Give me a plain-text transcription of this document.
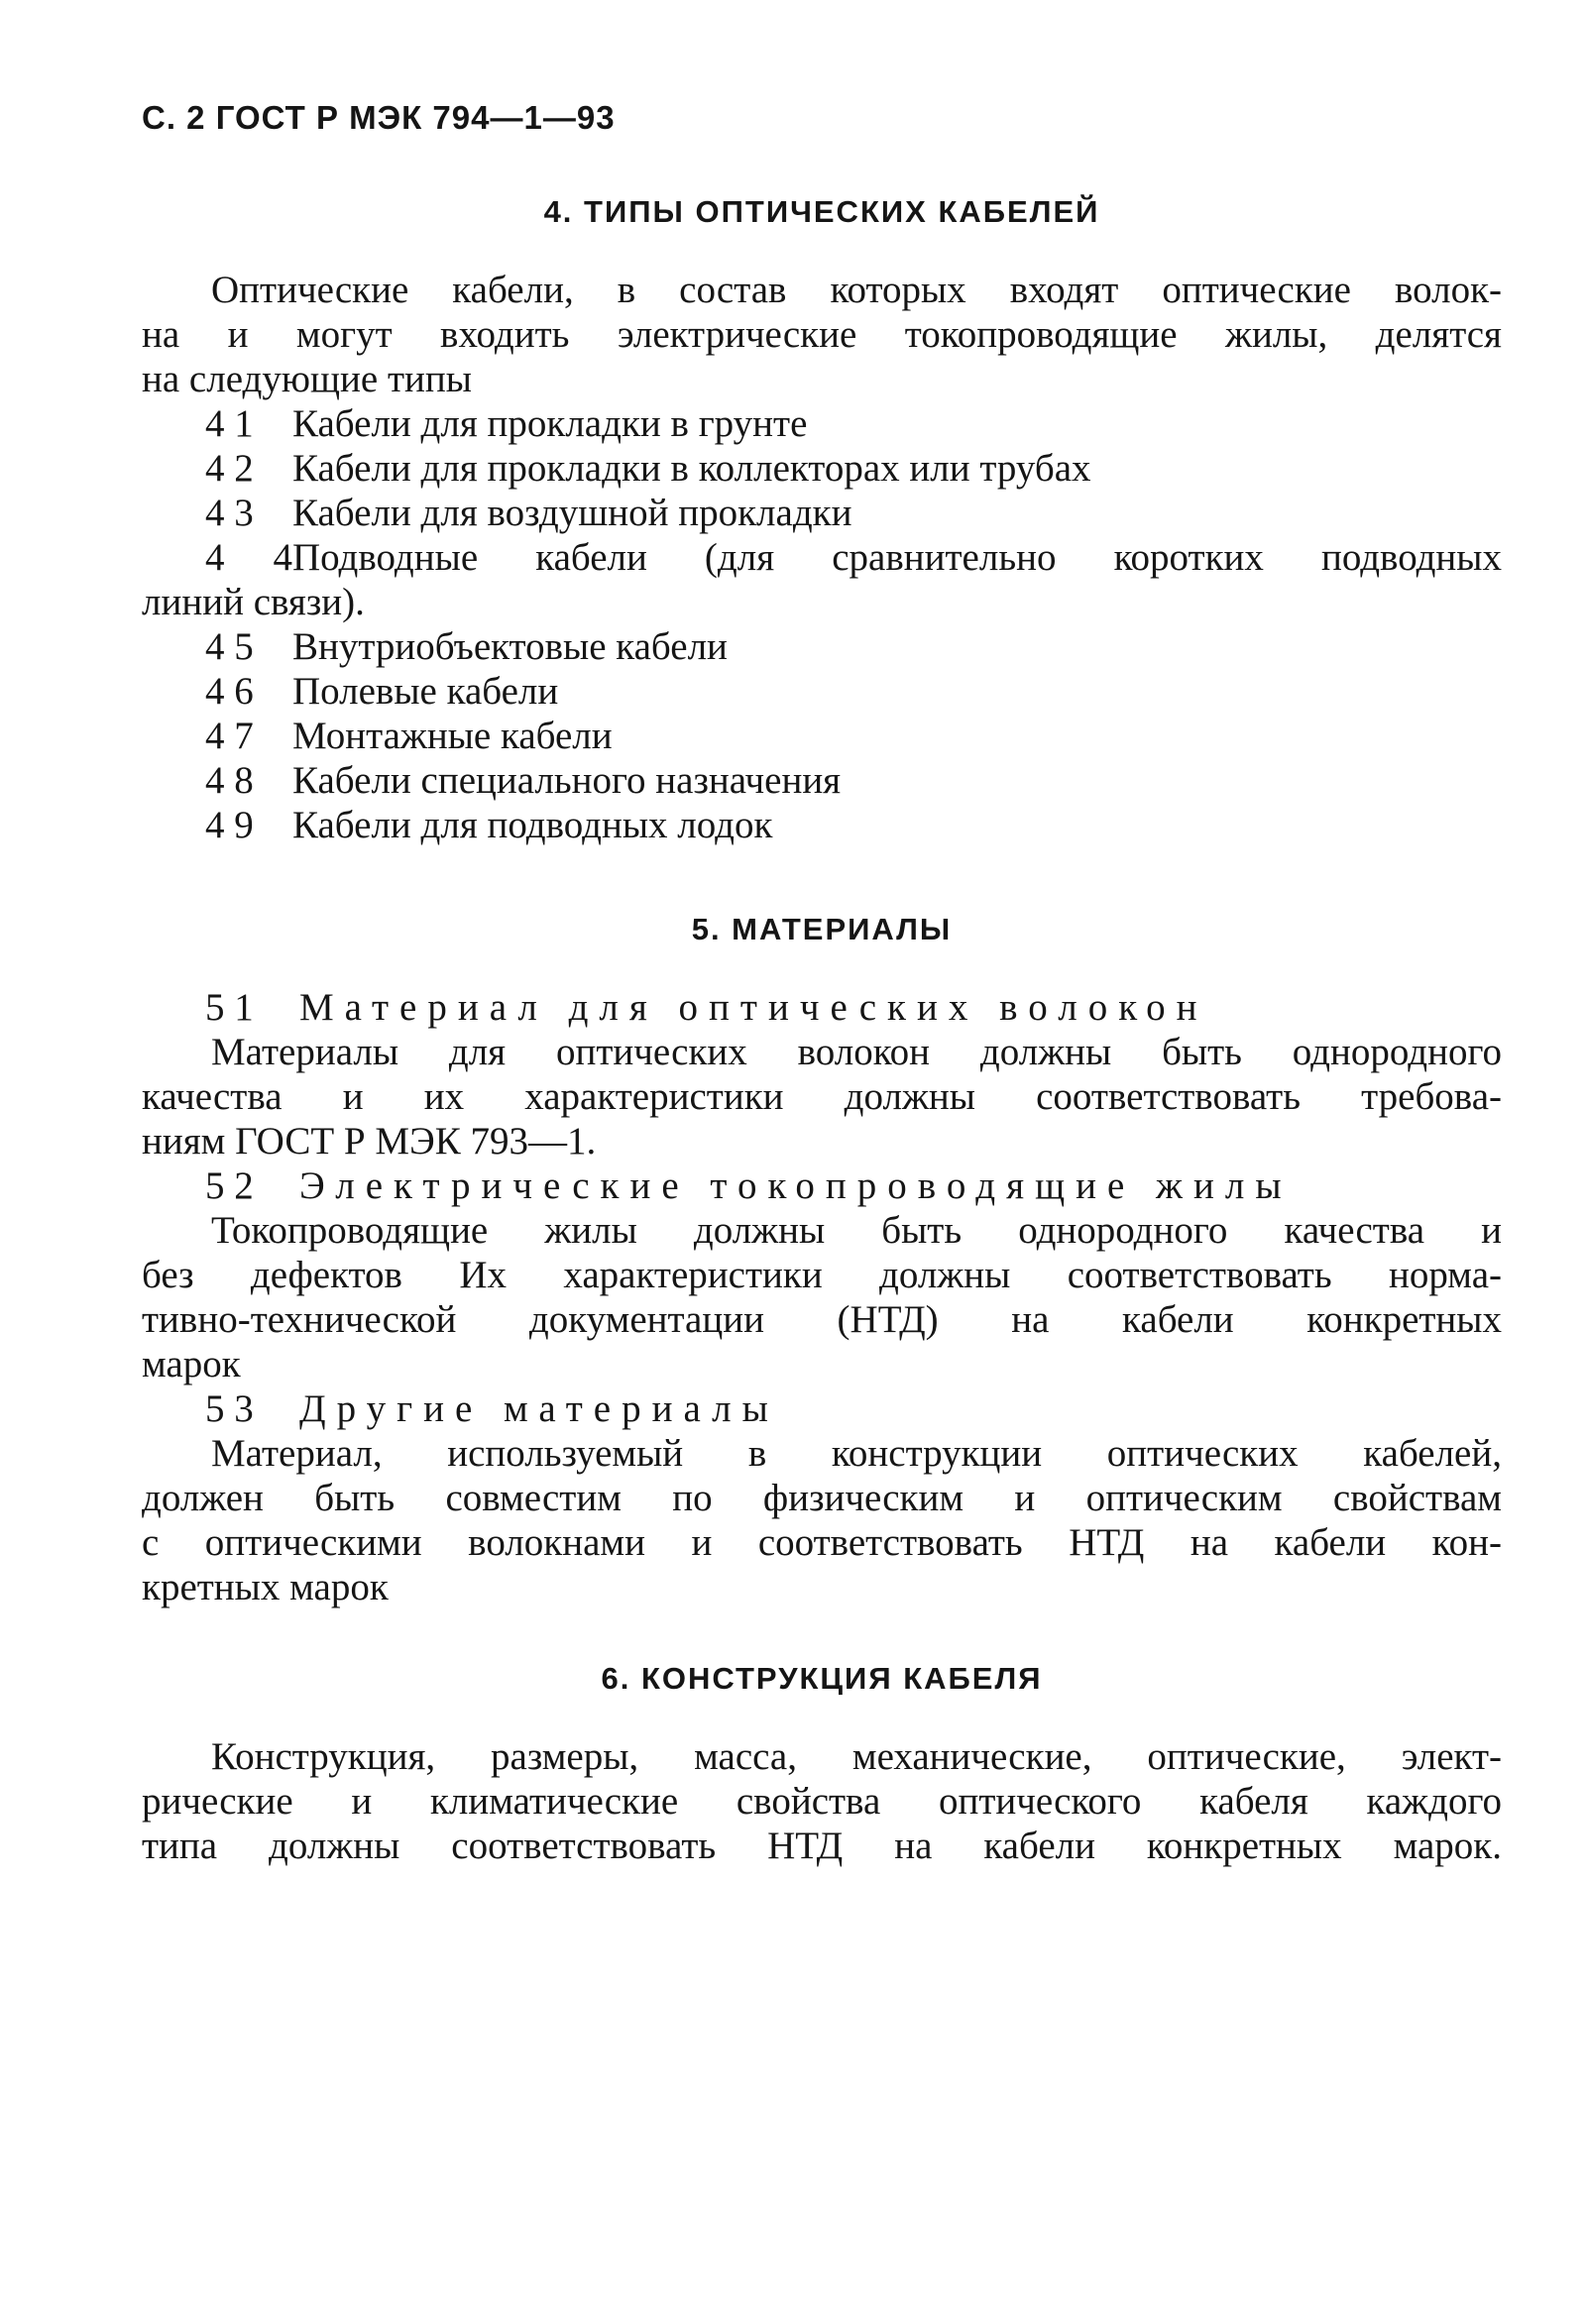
С. 2 ГОСТ Р МЭК 794—1—93
4. ТИПЫ ОПТИЧЕСКИХ КАБЕЛЕЙ
Оптические кабели, в состав которых входят оптические волок-
на и могут входить электрические токопроводящие жилы, делятся
на следующие типы
4 1 Кабели для прокладки в грунте
4 2 Кабели для прокладки в коллекторах или трубах
4 3 Кабели для воздушной прокладки
4 4Подводные кабели (для сравнительно коротких подводных
линий связи).
4 5 Внутриобъектовые кабели
4 6 Полевые кабели
4 7 Монтажные кабели
4 8 Кабели специального назначения
4 9 Кабели для подводных лодок
5. МАТЕРИАЛЫ
5 1 Материал для оптических волокон
Материалы для оптических волокон должны быть однородного
качества и их характеристики должны соответствовать требова-
ниям ГОСТ Р МЭК 793—1.
5 2 Электрические токопроводящие жилы
Токопроводящие жилы должны быть однородного качества и
без дефектов Их характеристики должны соответствовать норма-
тивно-технической документации (НТД) на кабели конкретных
марок
5 3 Другие материалы
Материал, используемый в конструкции оптических кабелей,
должен быть совместим по физическим и оптическим свойствам
с оптическими волокнами и соответствовать НТД на кабели кон-
кретных марок
6. КОНСТРУКЦИЯ КАБЕЛЯ
Конструкция, размеры, масса, механические, оптические, элект-
рические и климатические свойства оптического кабеля каждого
типа должны соответствовать НТД на кабели конкретных марок.
